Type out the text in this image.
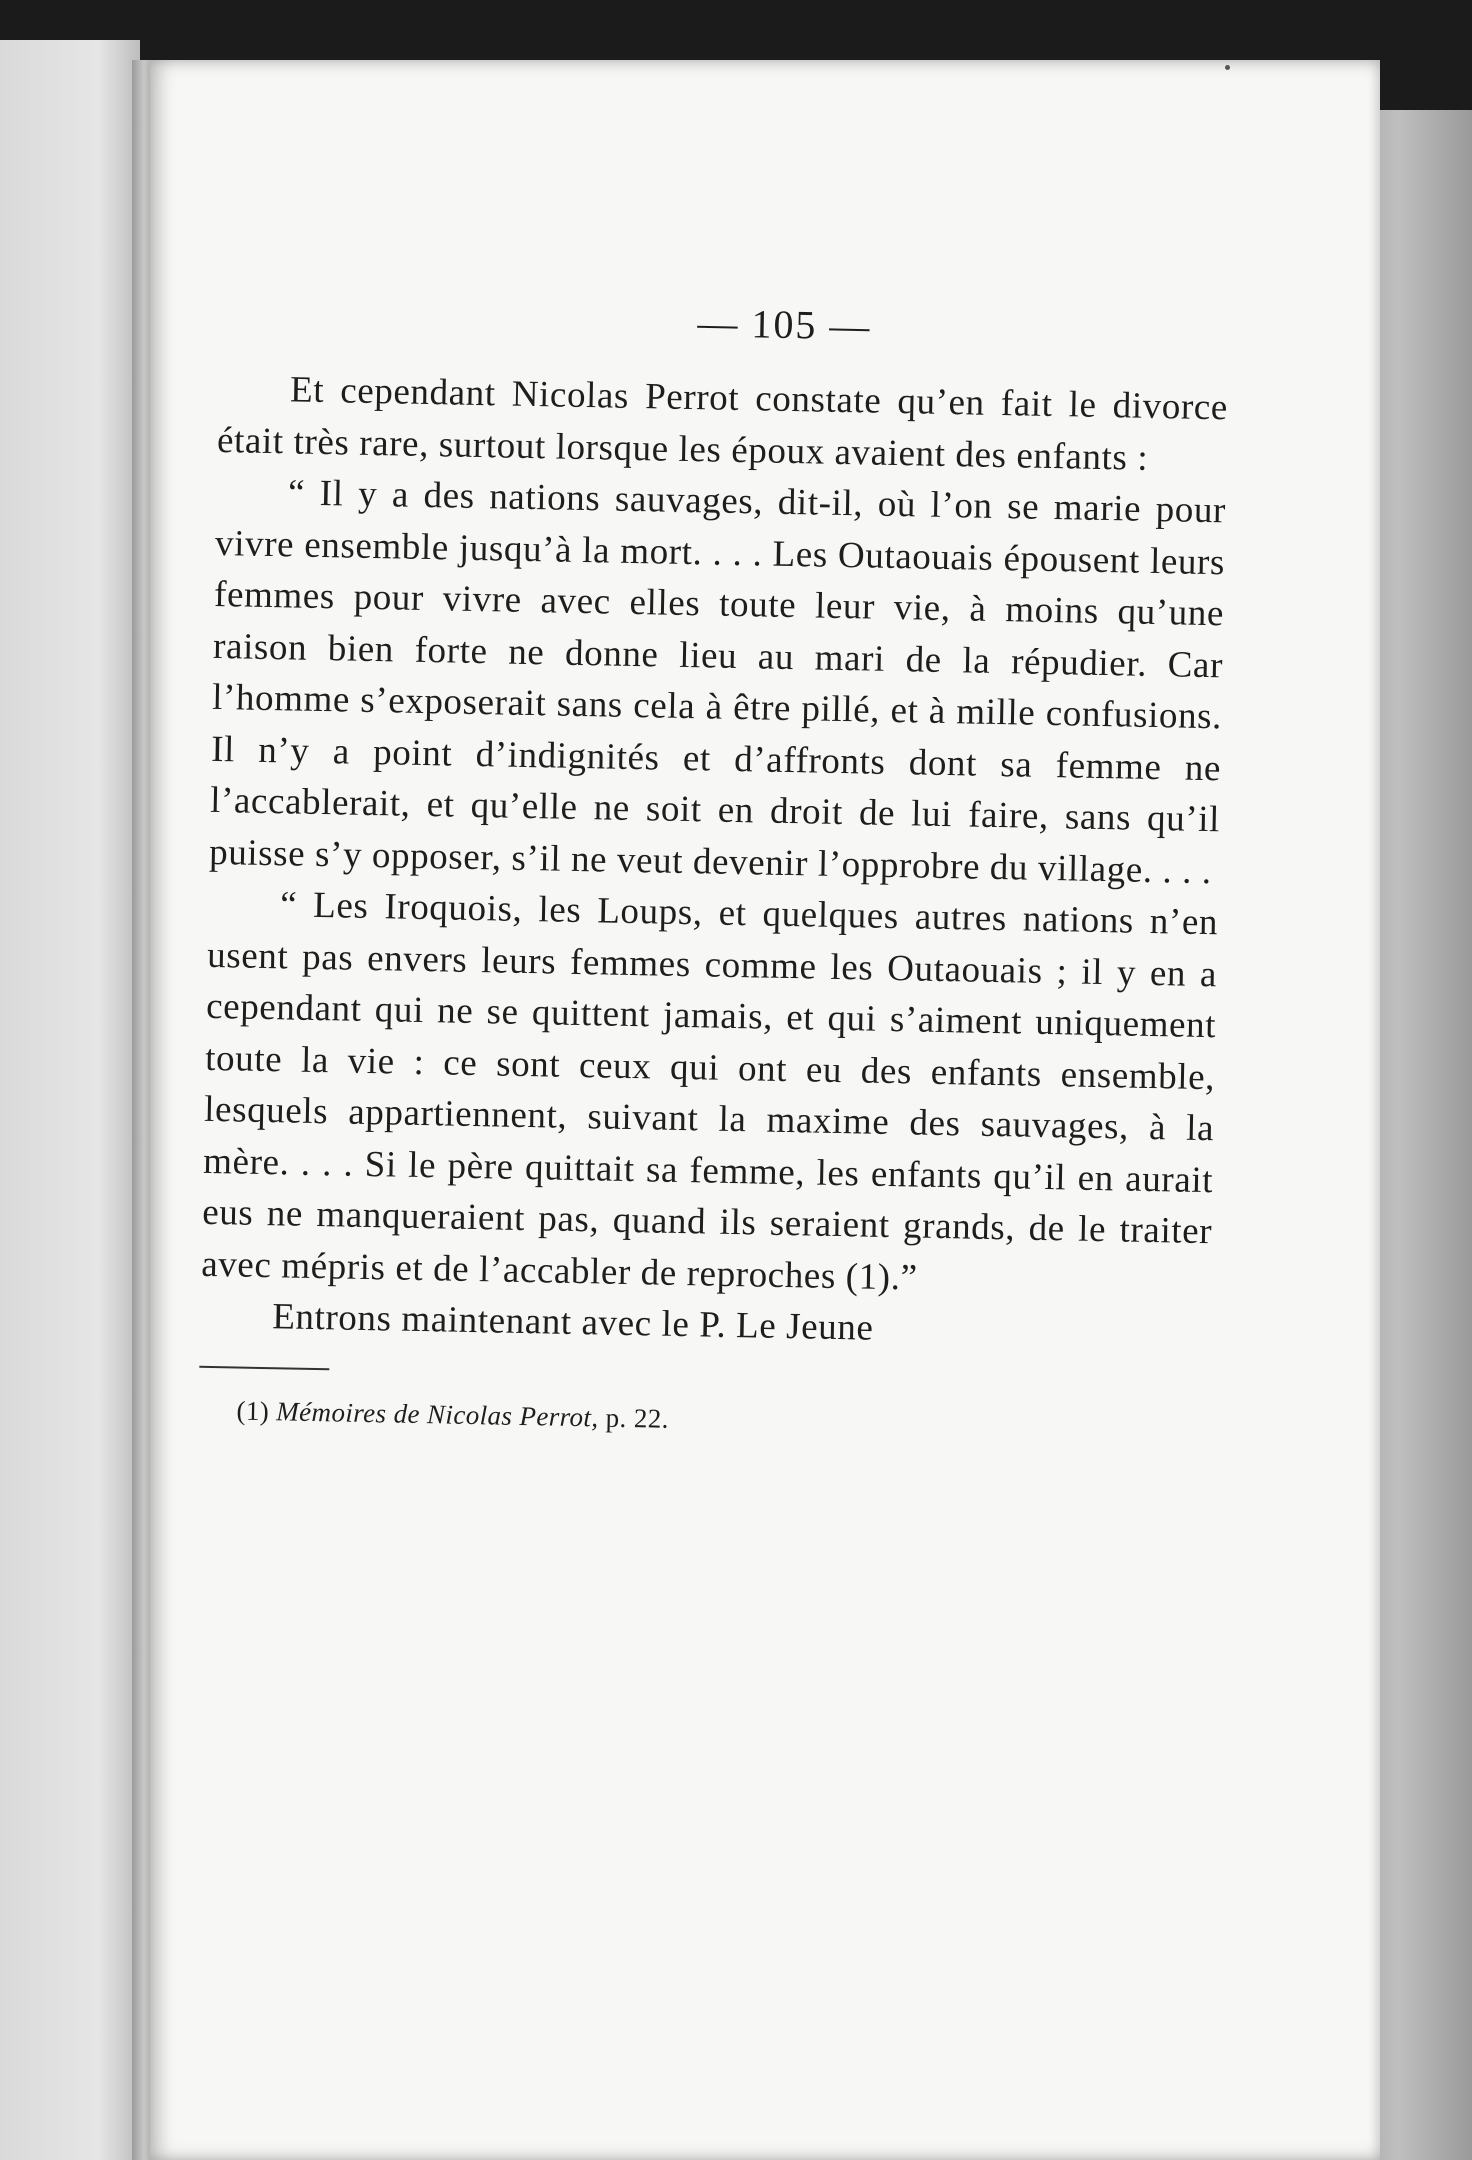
— 105 —

Et cependant Nicolas Perrot constate qu’en fait le divorce était très rare, surtout lorsque les époux avaient des enfants :

“ Il y a des nations sauvages, dit-il, où l’on se marie pour vivre ensemble jusqu’à la mort. . . . Les Outaouais épousent leurs femmes pour vivre avec elles toute leur vie, à moins qu’une raison bien forte ne donne lieu au mari de la répudier. Car l’homme s’exposerait sans cela à être pillé, et à mille confusions. Il n’y a point d’indignités et d’affronts dont sa femme ne l’accablerait, et qu’elle ne soit en droit de lui faire, sans qu’il puisse s’y opposer, s’il ne veut devenir l’opprobre du village. . . .

“ Les Iroquois, les Loups, et quelques autres nations n’en usent pas envers leurs femmes comme les Outaouais ; il y en a cependant qui ne se quittent jamais, et qui s’aiment uniquement toute la vie : ce sont ceux qui ont eu des enfants ensemble, lesquels appartiennent, suivant la maxime des sauvages, à la mère. . . . Si le père quittait sa femme, les enfants qu’il en aurait eus ne manqueraient pas, quand ils seraient grands, de le traiter avec mépris et de l’accabler de reproches (1).”

Entrons maintenant avec le P. Le Jeune

(1) Mémoires de Nicolas Perrot, p. 22.
